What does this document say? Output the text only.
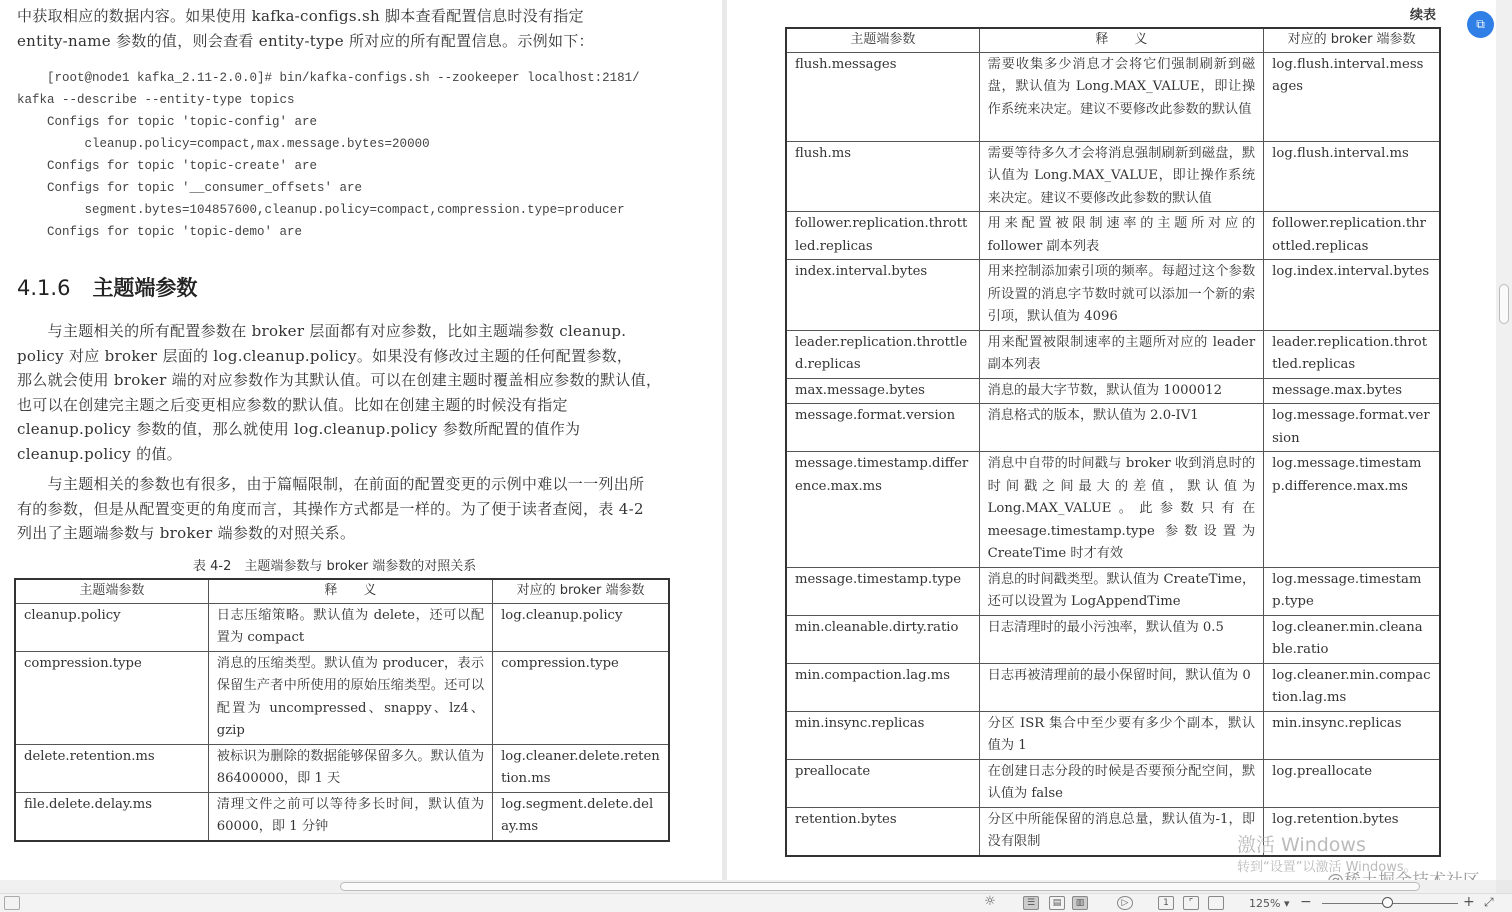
中获取相应的数据内容。如果使用 kafka-configs.sh 脚本查看配置信息时没有指定
entity-name 参数的值，则会查看 entity-type 所对应的所有配置信息。示例如下：
[root@node1 kafka_2.11-2.0.0]# bin/kafka-configs.sh --zookeeper localhost:2181/
kafka --describe --entity-type topics
Configs for topic 'topic-config' are
cleanup.policy=compact,max.message.bytes=20000
Configs for topic 'topic-create' are
Configs for topic '__consumer_offsets' are
segment.bytes=104857600,cleanup.policy=compact,compression.type=producer
Configs for topic 'topic-demo' are
4.1.6 主题端参数
　　与主题相关的所有配置参数在 broker 层面都有对应参数，比如主题端参数 cleanup.
policy 对应 broker 层面的 log.cleanup.policy。如果没有修改过主题的任何配置参数，
那么就会使用 broker 端的对应参数作为其默认值。可以在创建主题时覆盖相应参数的默认值，
也可以在创建完主题之后变更相应参数的默认值。比如在创建主题的时候没有指定
cleanup.policy 参数的值，那么就使用 log.cleanup.policy 参数所配置的值作为
cleanup.policy 的值。
　　与主题相关的参数也有很多，由于篇幅限制，在前面的配置变更的示例中难以一一列出所
有的参数，但是从配置变更的角度而言，其操作方式都是一样的。为了便于读者查阅，表 4-2
列出了主题端参数与 broker 端参数的对照关系。
表 4-2　主题端参数与 broker 端参数的对照关系
主题端参数	释　　义	对应的 broker 端参数
cleanup.policy	日志压缩策略。默认值为 delete，还可以配置为 compact	log.cleanup.policy
compression.type	消息的压缩类型。默认值为 producer，表示保留生产者中所使用的原始压缩类型。还可以配置为 uncompressed、snappy、lz4、gzip	compression.type
delete.retention.ms	被标识为删除的数据能够保留多久。默认值为 86400000，即 1 天	log.cleaner.delete.retention.ms
file.delete.delay.ms	清理文件之前可以等待多长时间，默认值为 60000，即 1 分钟	log.segment.delete.delay.ms
续表
主题端参数	释　　义	对应的 broker 端参数
flush.messages	需要收集多少消息才会将它们强制刷新到磁盘，默认值为 Long.MAX_VALUE，即让操作系统来决定。建议不要修改此参数的默认值	log.flush.interval.messages
flush.ms	需要等待多久才会将消息强制刷新到磁盘，默认值为 Long.MAX_VALUE，即让操作系统来决定。建议不要修改此参数的默认值	log.flush.interval.ms
follower.replication.throttled.replicas	用来配置被限制速率的主题所对应的 follower 副本列表	follower.replication.throttled.replicas
index.interval.bytes	用来控制添加索引项的频率。每超过这个参数所设置的消息字节数时就可以添加一个新的索引项，默认值为 4096	log.index.interval.bytes
leader.replication.throttled.replicas	用来配置被限制速率的主题所对应的 leader 副本列表	leader.replication.throttled.replicas
max.message.bytes	消息的最大字节数，默认值为 1000012	message.max.bytes
message.format.version	消息格式的版本，默认值为 2.0-IV1	log.message.format.version
message.timestamp.difference.max.ms	消息中自带的时间戳与 broker 收到消息时的时间戳之间最大的差值，默认值为 Long.MAX_VALUE。此参数只有在 meesage.timestamp.type 参数设置为 CreateTime 时才有效	log.message.timestamp.difference.max.ms
message.timestamp.type	消息的时间戳类型。默认值为 CreateTime，还可以设置为 LogAppendTime	log.message.timestamp.type
min.cleanable.dirty.ratio	日志清理时的最小污浊率，默认值为 0.5	log.cleaner.min.cleanable.ratio
min.compaction.lag.ms	日志再被清理前的最小保留时间，默认值为 0	log.cleaner.min.compaction.lag.ms
min.insync.replicas	分区 ISR 集合中至少要有多少个副本，默认值为 1	min.insync.replicas
preallocate	在创建日志分段的时候是否要预分配空间，默认值为 false	log.preallocate
retention.bytes	分区中所能保留的消息总量，默认值为-1，即没有限制	log.retention.bytes
激活 Windows
转到“设置”以激活 Windows。
⧉
☼	☰	▤	▥	▷	1	⌜	125% ▾ −	+ ⤢
